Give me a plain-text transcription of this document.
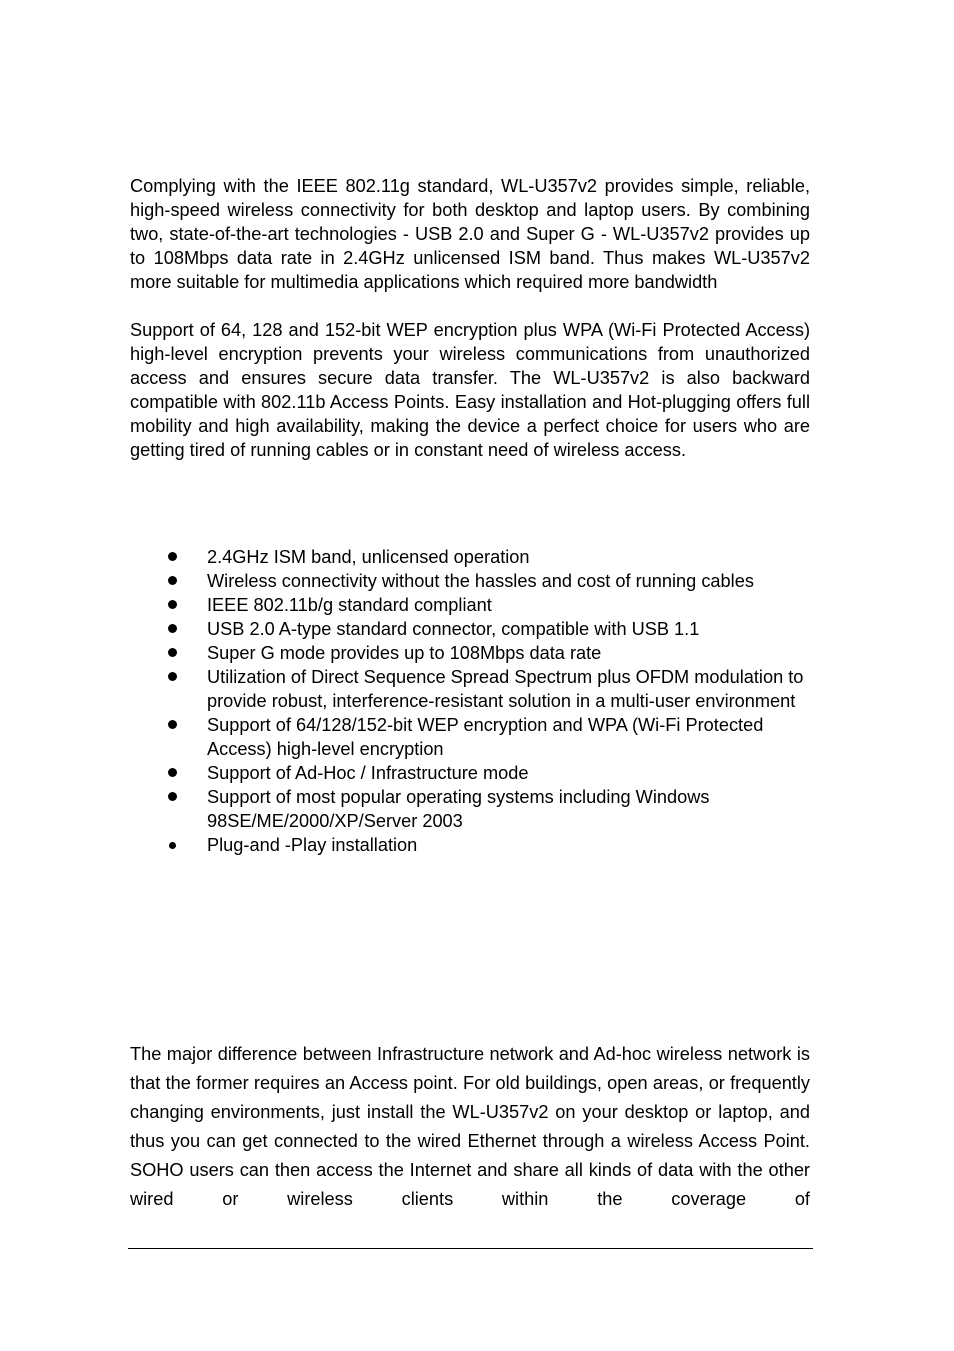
Complying with the IEEE 802.11g standard, WL-U357v2 provides simple, reliable, high-speed wireless connectivity for both desktop and laptop users. By combining two, state-of-the-art technologies - USB 2.0 and Super G - WL-U357v2 provides up to 108Mbps data rate in 2.4GHz unlicensed ISM band. Thus makes WL-U357v2 more suitable for multimedia applications which required more bandwidth

Support of 64, 128 and 152-bit WEP encryption plus WPA (Wi-Fi Protected Access) high-level encryption prevents your wireless communications from unauthorized access and ensures secure data transfer. The WL-U357v2 is also backward compatible with 802.11b Access Points. Easy installation and Hot-plugging offers full mobility and high availability, making the device a perfect choice for users who are getting tired of running cables or in constant need of wireless access.

2.4GHz ISM band, unlicensed operation
Wireless connectivity without the hassles and cost of running cables
IEEE 802.11b/g standard compliant
USB 2.0 A-type standard connector, compatible with USB 1.1
Super G mode provides up to 108Mbps data rate
Utilization of Direct Sequence Spread Spectrum plus OFDM modulation to provide robust, interference-resistant solution in a multi-user environment
Support of 64/128/152-bit WEP encryption and WPA (Wi-Fi Protected Access) high-level encryption
Support of Ad-Hoc / Infrastructure mode
Support of most popular operating systems including Windows 98SE/ME/2000/XP/Server 2003
Plug-and -Play installation

The major difference between Infrastructure network and Ad-hoc wireless network is that the former requires an Access point. For old buildings, open areas, or frequently changing environments, just install the WL-U357v2 on your desktop or laptop, and thus you can get connected to the wired Ethernet through a wireless Access Point. SOHO users can then access the Internet and share all kinds of data with the other wired or wireless clients within the coverage of
